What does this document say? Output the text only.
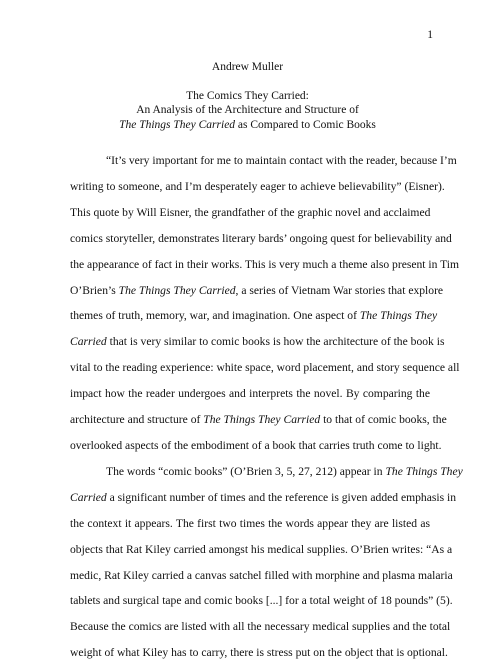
1
Andrew Muller
The Comics They Carried:
An Analysis of the Architecture and Structure of
The Things They Carried as Compared to Comic Books
“It’s very important for me to maintain contact with the reader, because I’m
writing to someone, and I’m desperately eager to achieve believability” (Eisner).
This quote by Will Eisner, the grandfather of the graphic novel and acclaimed
comics storyteller, demonstrates literary bards’ ongoing quest for believability and
the appearance of fact in their works. This is very much a theme also present in Tim
O’Brien’s The Things They Carried, a series of Vietnam War stories that explore
themes of truth, memory, war, and imagination. One aspect of The Things They
Carried that is very similar to comic books is how the architecture of the book is
vital to the reading experience: white space, word placement, and story sequence all
impact how the reader undergoes and interprets the novel. By comparing the
architecture and structure of The Things They Carried to that of comic books, the
overlooked aspects of the embodiment of a book that carries truth come to light.
The words “comic books” (O’Brien 3, 5, 27, 212) appear in The Things They
Carried a significant number of times and the reference is given added emphasis in
the context it appears. The first two times the words appear they are listed as
objects that Rat Kiley carried amongst his medical supplies. O’Brien writes: “As a
medic, Rat Kiley carried a canvas satchel filled with morphine and plasma malaria
tablets and surgical tape and comic books [...] for a total weight of 18 pounds” (5).
Because the comics are listed with all the necessary medical supplies and the total
weight of what Kiley has to carry, there is stress put on the object that is optional.
